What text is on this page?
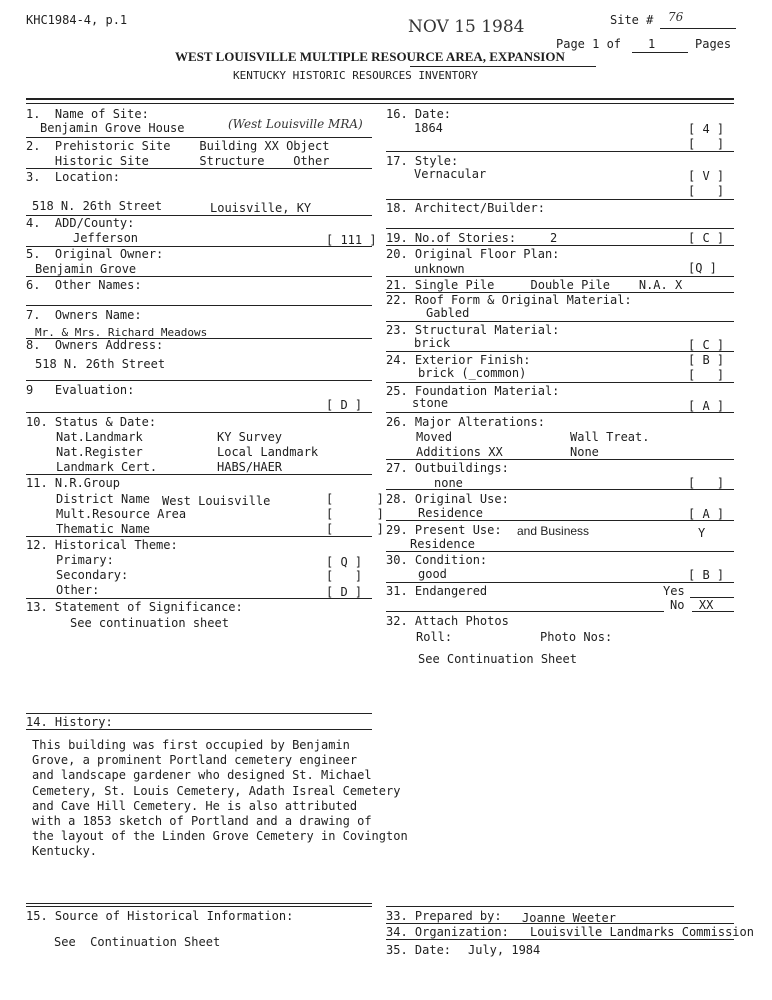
KHC1984-4, p.1	NOV 15 1984	Site # 76
Page 1 of 1	Pages
WEST LOUISVILLE MULTIPLE RESOURCE AREA, EXPANSION
KENTUCKY HISTORIC RESOURCES INVENTORY
1.  Name of Site:
Benjamin Grove House	(West Louisville MRA)
2.  Prehistoric Site    Building XX Object
Historic Site       Structure    Other
3.  Location:
518 N. 26th Street	Louisville, KY
4.  ADD/County:
Jefferson	[ 111 ]
5.  Original Owner:
Benjamin Grove
6.  Other Names:
7.  Owners Name:
Mr. & Mrs. Richard Meadows
8.  Owners Address:
518 N. 26th Street
9   Evaluation:
[ D ]
10. Status & Date:
Nat.Landmark	KY Survey
Nat.Register	Local Landmark
Landmark Cert.	HABS/HAER
11. N.R.Group
District Name West Louisville	[      ]
Mult.Resource Area	[      ]
Thematic Name	[      ]
12. Historical Theme:
Primary:	[ Q ]
Secondary:	[   ]
Other:	[ D ]
13. Statement of Significance:
See continuation sheet
14. History:
This building was first occupied by Benjamin
Grove, a prominent Portland cemetery engineer
and landscape gardener who designed St. Michael
Cemetery, St. Louis Cemetery, Adath Isreal Cemetery
and Cave Hill Cemetery. He is also attributed
with a 1853 sketch of Portland and a drawing of
the layout of the Linden Grove Cemetery in Covington
Kentucky.
15. Source of Historical Information:
See  Continuation Sheet
16. Date:
1864	[ 4 ]
[   ]
17. Style:
Vernacular	[ V ]
[   ]
18. Architect/Builder:
19. No.of Stories:	2	[ C ]
20. Original Floor Plan:
unknown	[Q ]
21. Single Pile     Double Pile    N.A. X
22. Roof Form & Original Material:
Gabled
23. Structural Material:
brick	[ C ]
24. Exterior Finish:
brick (_common)
[ B ]
[   ]
25. Foundation Material:
stone	[ A ]
26. Major Alterations:
Moved	Wall Treat.
Additions XX	None
27. Outbuildings:
none	[   ]
28. Original Use:
Residence	[ A ]
29. Present Use: and Business
Residence
Y
30. Condition:
good	[ B ]
31. Endangered	Yes
No  XX
32. Attach Photos
Roll:	Photo Nos:
See Continuation Sheet
33. Prepared by: Joanne Weeter
34. Organization: Louisville Landmarks Commission
35. Date: July, 1984
